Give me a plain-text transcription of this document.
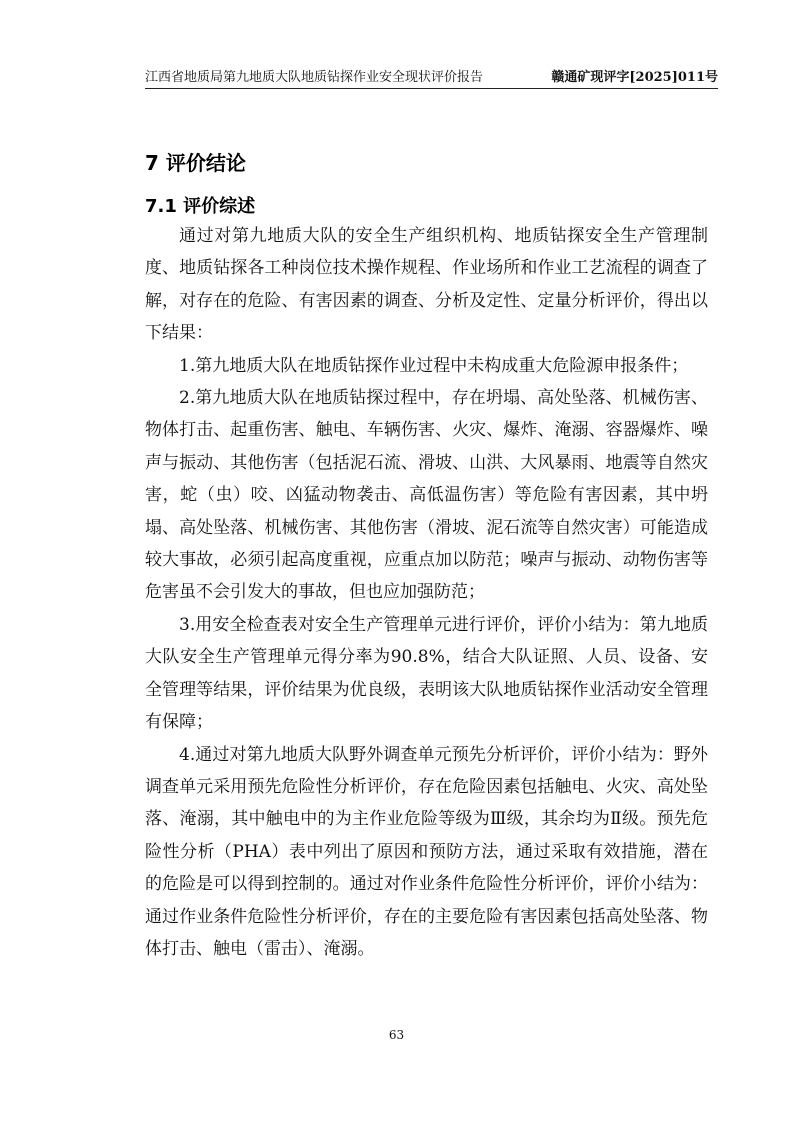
江西省地质局第九地质大队地质钻探作业安全现状评价报告	赣通矿现评字[2025]011号
7 评价结论
7.1 评价综述

通过对第九地质大队的安全生产组织机构、地质钻探安全生产管理制度、地质钻探各工种岗位技术操作规程、作业场所和作业工艺流程的调查了解，对存在的危险、有害因素的调查、分析及定性、定量分析评价，得出以下结果：

1.第九地质大队在地质钻探作业过程中未构成重大危险源申报条件；

2.第九地质大队在地质钻探过程中，存在坍塌、高处坠落、机械伤害、物体打击、起重伤害、触电、车辆伤害、火灾、爆炸、淹溺、容器爆炸、噪声与振动、其他伤害（包括泥石流、滑坡、山洪、大风暴雨、地震等自然灾害，蛇（虫）咬、凶猛动物袭击、高低温伤害）等危险有害因素，其中坍塌、高处坠落、机械伤害、其他伤害（滑坡、泥石流等自然灾害）可能造成较大事故，必须引起高度重视，应重点加以防范；噪声与振动、动物伤害等危害虽不会引发大的事故，但也应加强防范；

3.用安全检查表对安全生产管理单元进行评价，评价小结为：第九地质大队安全生产管理单元得分率为90.8%，结合大队证照、人员、设备、安全管理等结果，评价结果为优良级，表明该大队地质钻探作业活动安全管理有保障；

4.通过对第九地质大队野外调查单元预先分析评价，评价小结为：野外调查单元采用预先危险性分析评价，存在危险因素包括触电、火灾、高处坠落、淹溺，其中触电中的为主作业危险等级为Ⅲ级，其余均为Ⅱ级。预先危险性分析（PHA）表中列出了原因和预防方法，通过采取有效措施，潜在的危险是可以得到控制的。通过对作业条件危险性分析评价，评价小结为：通过作业条件危险性分析评价，存在的主要危险有害因素包括高处坠落、物体打击、触电（雷击）、淹溺。

63
